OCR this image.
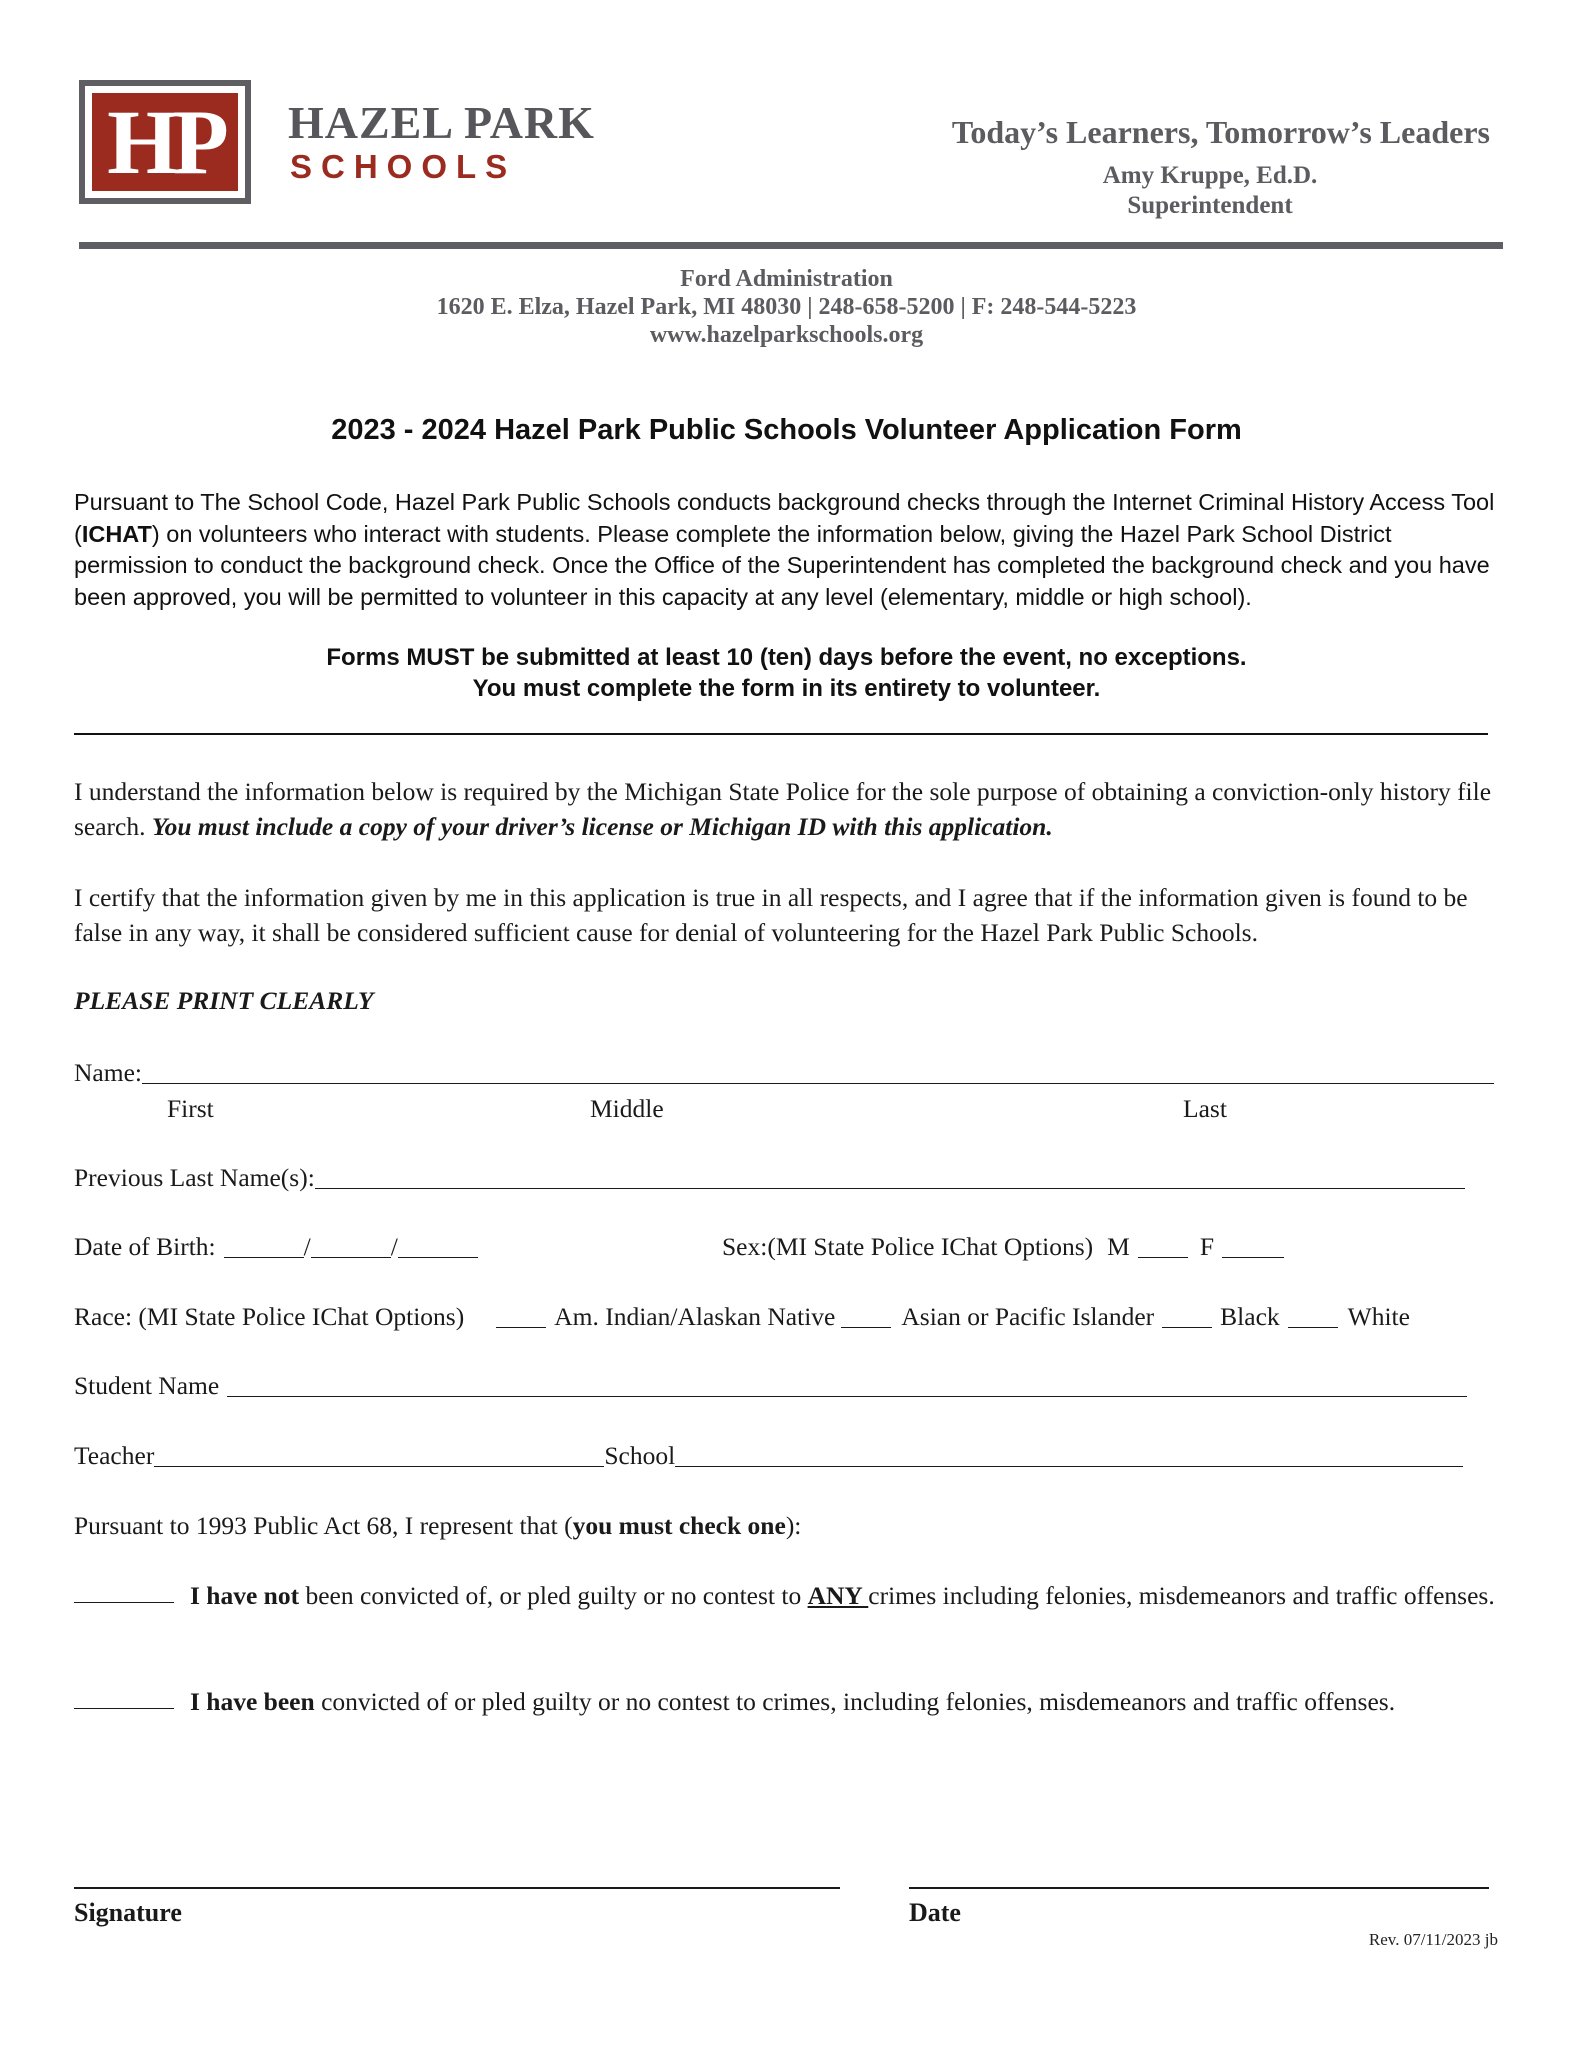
HP HAZEL PARK
SCHOOLS
Today’s Learners, Tomorrow’s Leaders
Amy Kruppe, Ed.D.
Superintendent
Ford Administration
1620 E. Elza, Hazel Park, MI 48030 | 248-658-5200 | F: 248-544-5223
www.hazelparkschools.org
2023 - 2024 Hazel Park Public Schools Volunteer Application Form

Pursuant to The School Code, Hazel Park Public Schools conducts background checks through the Internet Criminal History Access Tool (ICHAT) on volunteers who interact with students. Please complete the information below, giving the Hazel Park School District permission to conduct the background check. Once the Office of the Superintendent has completed the background check and you have been approved, you will be permitted to volunteer in this capacity at any level (elementary, middle or high school).

Forms MUST be submitted at least 10 (ten) days before the event, no exceptions.
You must complete the form in its entirety to volunteer.

I understand the information below is required by the Michigan State Police for the sole purpose of obtaining a conviction-only history file search. You must include a copy of your driver’s license or Michigan ID with this application.

I certify that the information given by me in this application is true in all respects, and I agree that if the information given is found to be false in any way, it shall be considered sufficient cause for denial of volunteering for the Hazel Park Public Schools.

PLEASE PRINT CLEARLY
Name:
First	Middle	Last
Previous Last Name(s):
Date of Birth:	/	/	Sex:(MI State Police IChat Options) M	F
Race: (MI State Police IChat Options)	Am. Indian/Alaskan Native	Asian or Pacific Islander	Black	White
Student Name
Teacher	School
Pursuant to 1993 Public Act 68, I represent that ( you must check one ):

I have not been convicted of, or pled guilty or no contest to ANY crimes including felonies, misdemeanors and traffic offenses.

I have been convicted of or pled guilty or no contest to crimes, including felonies, misdemeanors and traffic offenses.

Signature	Date
Rev. 07/11/2023 jb
